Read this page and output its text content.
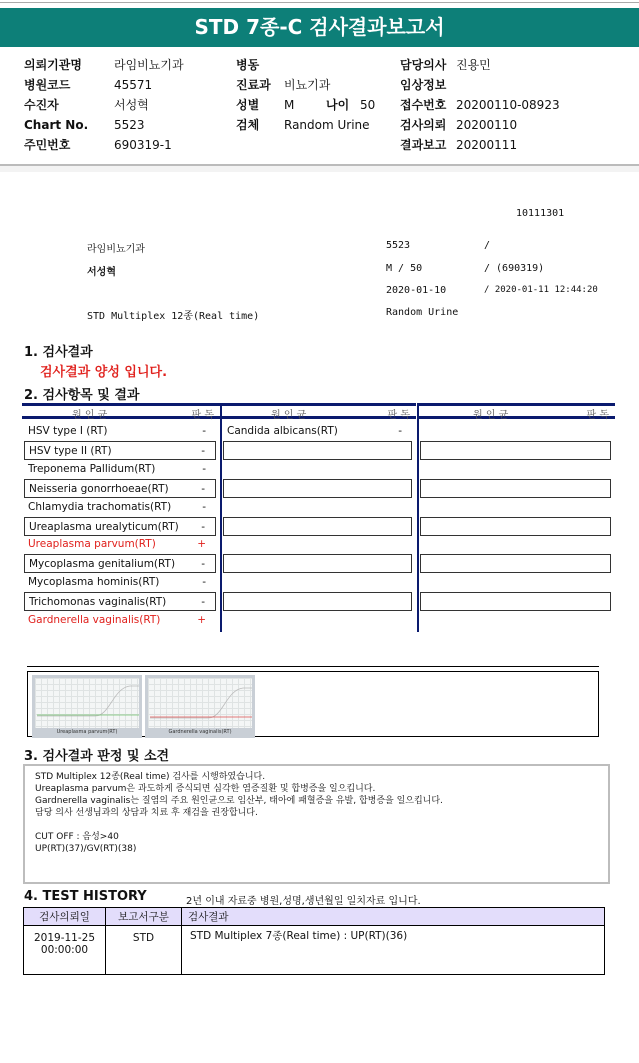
STD 7종-C 검사결과보고서
의뢰기관명	라임비뇨기과
병원코드	45571
수진자	서성혁
Chart No. 5523
주민번호	690319-1
병동
진료과 비뇨기과
성별 M	나이 50
검체 Random Urine
담당의사 진용민
임상정보
접수번호 20200110-08923
검사의뢰 20200110
결과보고 20200111
10111301
라임비뇨기과	5523	/
서성혁	M / 50	/ (690319)
2020-01-10	/ 2020-01-11 12:44:20
STD Multiplex 12종(Real time)	Random Urine
1. 검사결과
검사결과 양성 입니다.
2. 검사항목 및 결과
원 인 균	판 독	원 인 균	판 독	원 인 균	판 독
HSV type I (RT)	-	Candida albicans(RT)	-
HSV type II (RT)	-
Treponema Pallidum(RT)	-
Neisseria gonorrhoeae(RT)	-
Chlamydia trachomatis(RT)	-
Ureaplasma urealyticum(RT) -
Ureaplasma parvum(RT)	+
Mycoplasma genitalium(RT) -
Mycoplasma hominis(RT)	-
Trichomonas vaginalis(RT)	-
Gardnerella vaginalis(RT)	+
Ureaplasma parvum(RT)	Gardnerella vaginalis(RT)
3. 검사결과 판정 및 소견
STD Multiplex 12종(Real time) 검사를 시행하였습니다.
Ureaplasma parvum은 과도하게 증식되면 심각한 염증질환 및 합병증을 일으킵니다.
Gardnerella vaginalis는 질염의 주요 원인균으로 임산부, 태아에 패혈증을 유발, 합병증을 일으킵니다.
담당 의사 선생님과의 상담과 치료 후 재검을 권장합니다.
CUT OFF : 음성>40
UP(RT)(37)/GV(RT)(38)
4. TEST HISTORY	2년 이내 자료중 병원,성명,생년월일 일치자료 입니다.
검사의뢰일	보고서구분	검사결과

2019-11-25
00:00:00	STD	STD Multiplex 7종(Real time) : UP(RT)(36)
